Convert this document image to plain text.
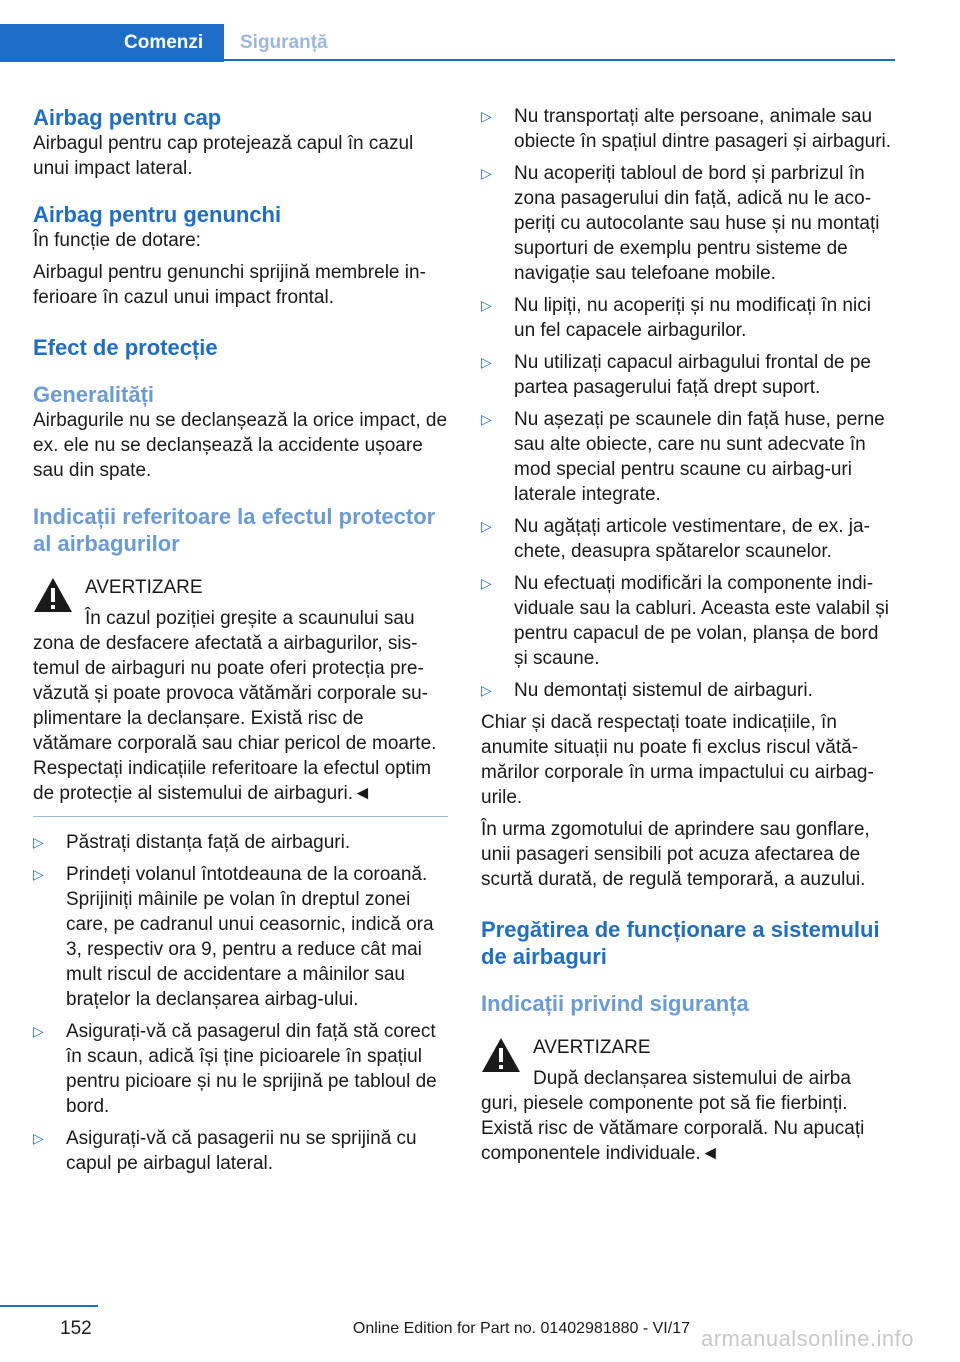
Comenzi	Siguranță
Airbag pentru cap

Airbagul pentru cap protejează capul în cazul unui impact lateral.

Airbag pentru genunchi

În funcție de dotare:

Airbagul pentru genunchi sprijină membrele inferioare în cazul unui impact frontal.

Efect de protecție
Generalități

Airbagurile nu se declanșează la orice impact, de ex. ele nu se declanșează la accidente ușoare sau din spate.

Indicații referitoare la efectul protector al airbagurilor
AVERTIZARE
În cazul poziției greșite a scaunului sau
zona de desfacere afectată a airbagurilor, sistemul de airbaguri nu poate oferi protecția prevăzută și poate provoca vătămări corporale suplimentare la declanșare. Există risc de vătămare corporală sau chiar pericol de moarte. Respectați indicațiile referitoare la efectul optim de protecție al sistemului de airbaguri.◄
▷ Păstrați distanța față de airbaguri.
▷ Prindeți volanul întotdeauna de la coroană. Sprijiniți mâinile pe volan în dreptul zonei care, pe cadranul unui ceasornic, indică ora 3, respectiv ora 9, pentru a reduce cât mai mult riscul de accidentare a mâinilor sau brațelor la declanșarea airbag-ului.
▷ Asigurați-vă că pasagerul din față stă corect în scaun, adică își ține picioarele în spațiul pentru picioare și nu le sprijină pe tabloul de bord.
▷ Asigurați-vă că pasagerii nu se sprijină cu capul pe airbagul lateral.
▷ Nu transportați alte persoane, animale sau obiecte în spațiul dintre pasageri și airbaguri.
▷ Nu acoperiți tabloul de bord și parbrizul în zona pasagerului din față, adică nu le acoperiți cu autocolante sau huse și nu montați suporturi de exemplu pentru sisteme de navigație sau telefoane mobile.
▷ Nu lipiți, nu acoperiți și nu modificați în nici un fel capacele airbagurilor.
▷ Nu utilizați capacul airbagului frontal de pe partea pasagerului față drept suport.
▷ Nu așezați pe scaunele din față huse, perne sau alte obiecte, care nu sunt adecvate în mod special pentru scaune cu airbag-uri laterale integrate.
▷ Nu agățați articole vestimentare, de ex. jachete, deasupra spătarelor scaunelor.
▷ Nu efectuați modificări la componente individuale sau la cabluri. Aceasta este valabil și pentru capacul de pe volan, planșa de bord și scaune.
▷ Nu demontați sistemul de airbaguri.

Chiar și dacă respectați toate indicațiile, în anumite situații nu poate fi exclus riscul vătămărilor corporale în urma impactului cu airbagurile.

În urma zgomotului de aprindere sau gonflare, unii pasageri sensibili pot acuza afectarea de scurtă durată, de regulă temporară, a auzului.

Pregătirea de funcționare a sistemului de airbaguri
Indicații privind siguranța
AVERTIZARE
După declanșarea sistemului de airba
guri, piesele componente pot să fie fierbinți. Există risc de vătămare corporală. Nu apucați componentele individuale.◄
152	Online Edition for Part no. 01402981880 - VI/17 armanualsonline.info
